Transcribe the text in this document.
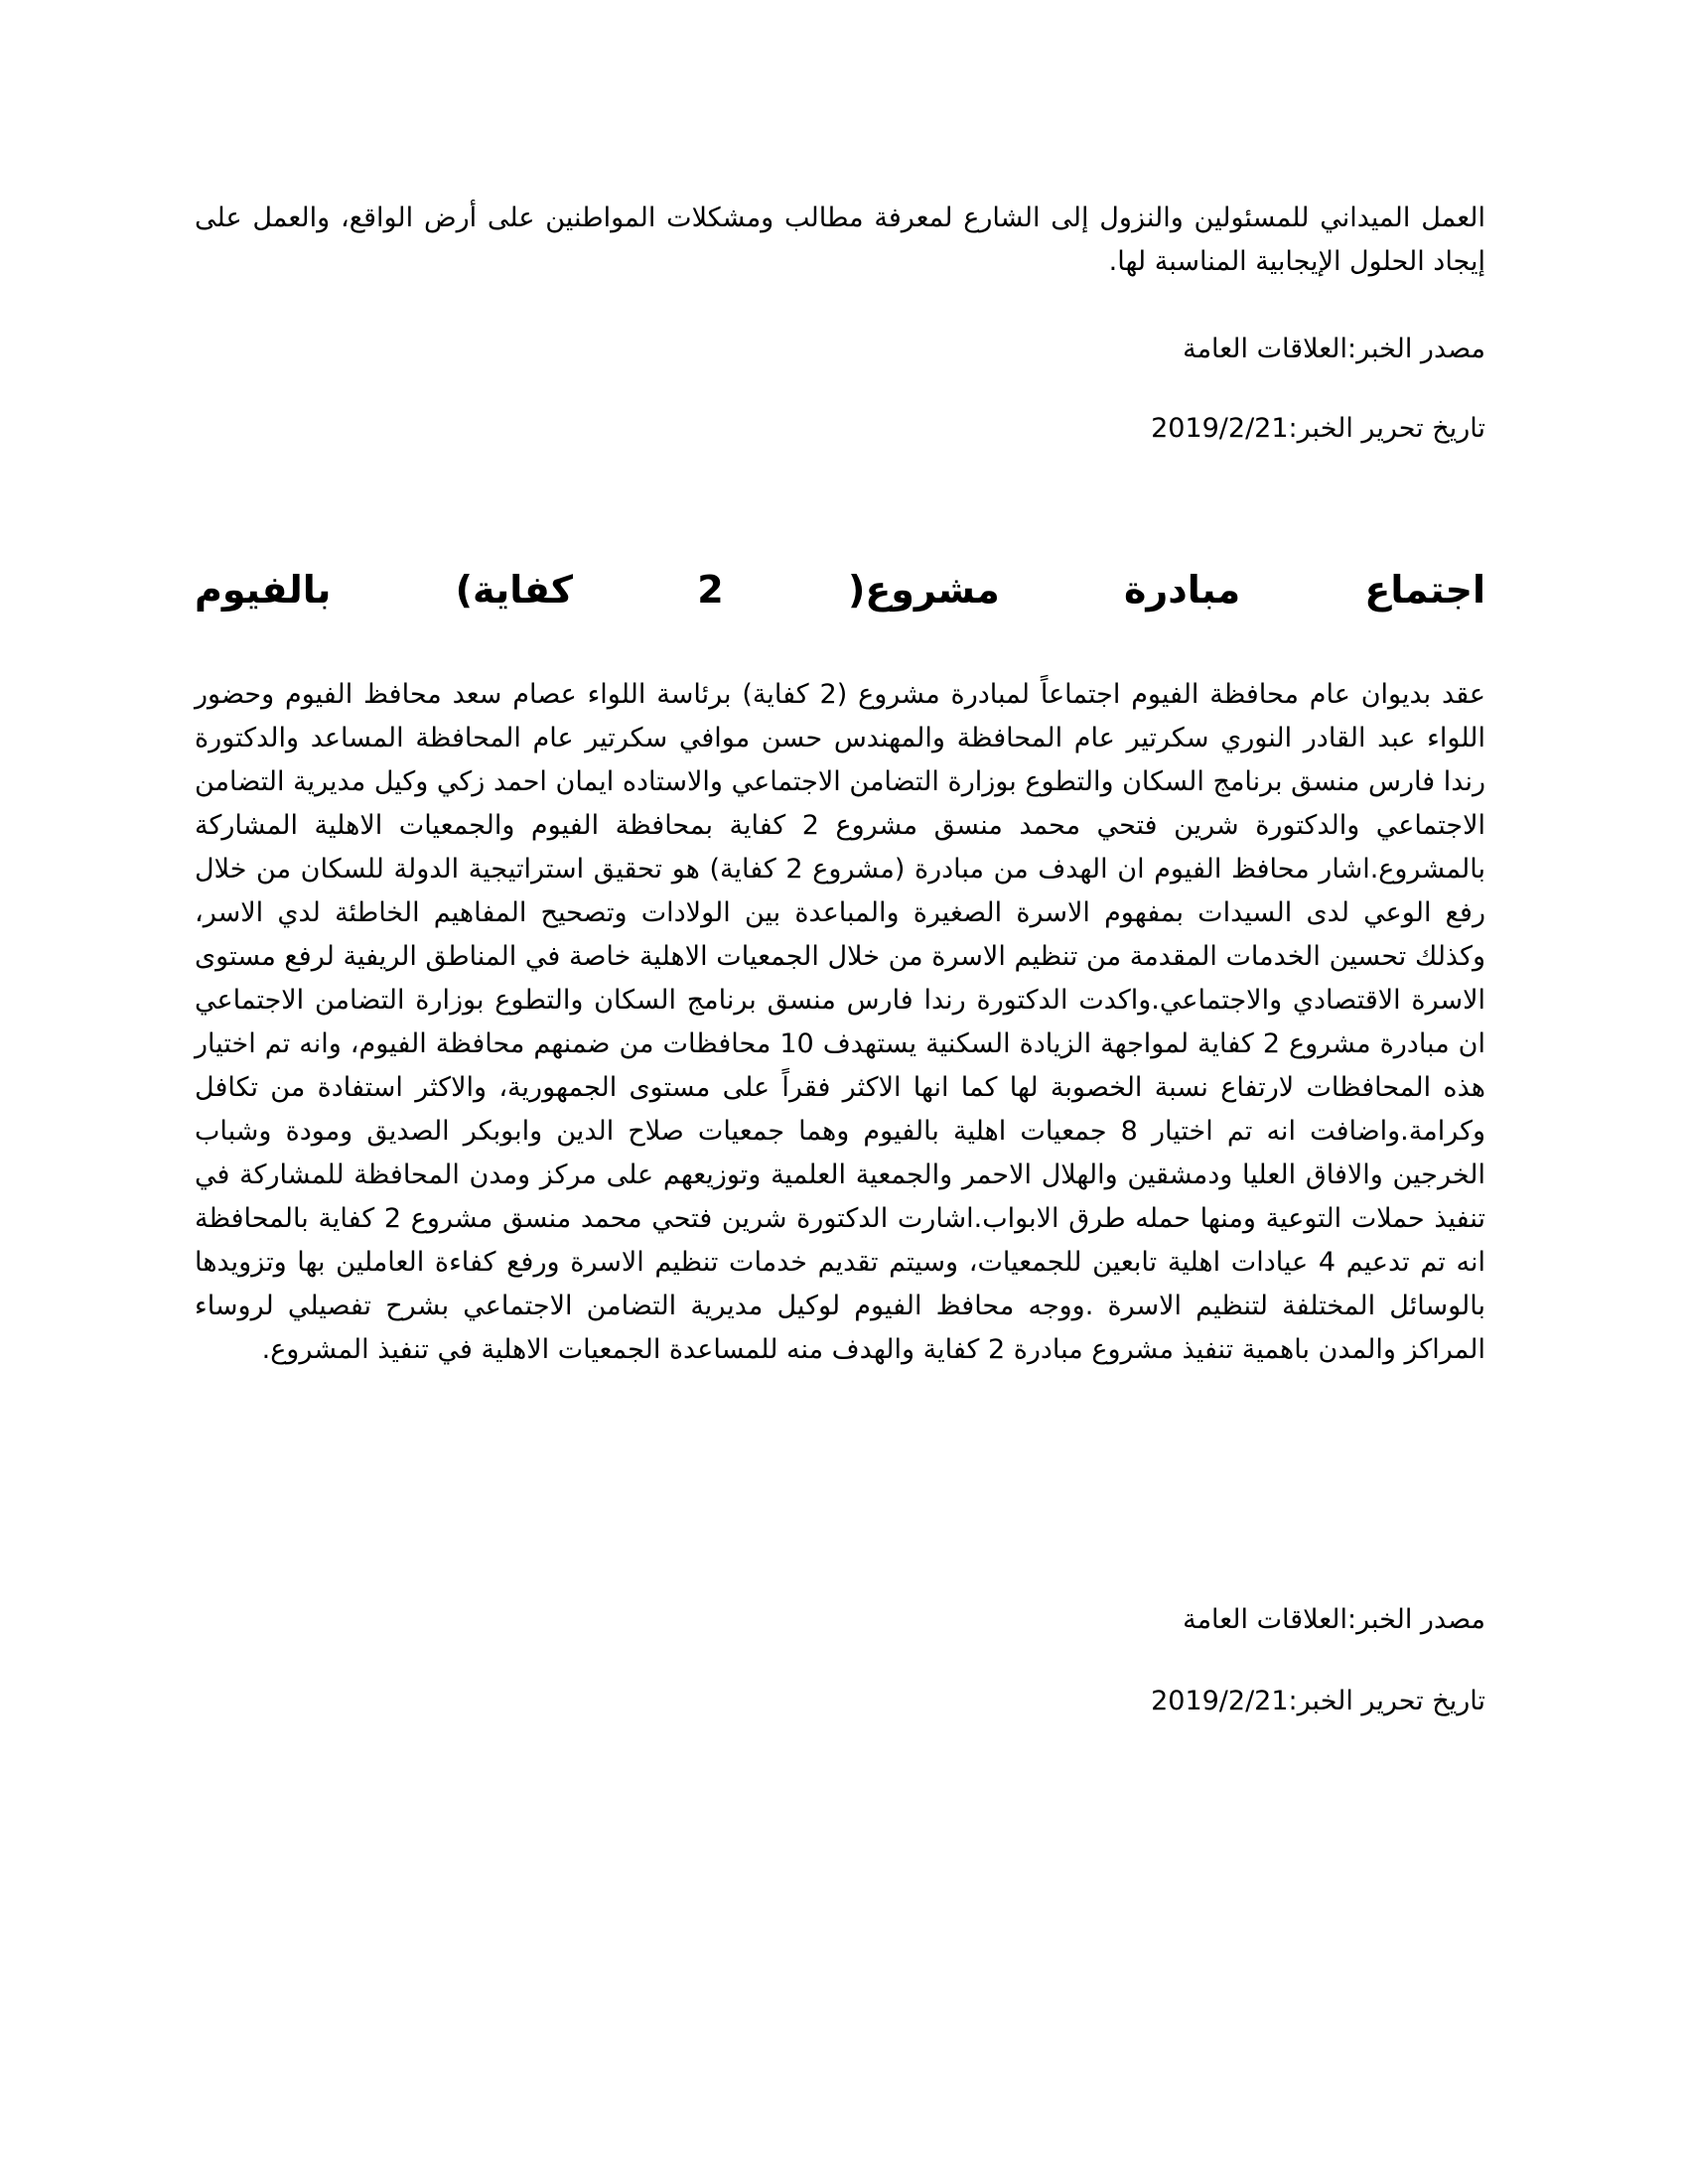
العمل الميداني للمسئولين والنزول إلى الشارع لمعرفة مطالب ومشكلات المواطنين على أرض الواقع، والعمل على إيجاد الحلول الإيجابية المناسبة لها.

مصدر الخبر:العلاقات العامة

تاريخ تحرير الخبر:2019/2/21

اجتماع مبادرة مشروع( 2 كفاية) بالفيوم

عقد بديوان عام محافظة الفيوم اجتماعاً لمبادرة مشروع (2 كفاية) برئاسة اللواء عصام سعد محافظ الفيوم وحضور اللواء عبد القادر النوري سكرتير عام المحافظة والمهندس حسن موافي سكرتير عام المحافظة المساعد والدكتورة رندا فارس منسق برنامج السكان والتطوع بوزارة التضامن الاجتماعي والاستاده ايمان احمد زكي وكيل مديرية التضامن الاجتماعي والدكتورة شرين فتحي محمد منسق مشروع 2 كفاية بمحافظة الفيوم والجمعيات الاهلية المشاركة بالمشروع.اشار محافظ الفيوم ان الهدف من مبادرة (مشروع 2 كفاية) هو تحقيق استراتيجية الدولة للسكان من خلال رفع الوعي لدى السيدات بمفهوم الاسرة الصغيرة والمباعدة بين الولادات وتصحيح المفاهيم الخاطئة لدي الاسر، وكذلك تحسين الخدمات المقدمة من تنظيم الاسرة من خلال الجمعيات الاهلية خاصة في المناطق الريفية لرفع مستوى الاسرة الاقتصادي والاجتماعي.واكدت الدكتورة رندا فارس منسق برنامج السكان والتطوع بوزارة التضامن الاجتماعي ان مبادرة مشروع 2 كفاية لمواجهة الزيادة السكنية يستهدف 10 محافظات من ضمنهم محافظة الفيوم، وانه تم اختيار هذه المحافظات لارتفاع نسبة الخصوبة لها كما انها الاكثر فقراً على مستوى الجمهورية، والاكثر استفادة من تكافل وكرامة.واضافت انه تم اختيار 8 جمعيات اهلية بالفيوم وهما جمعيات صلاح الدين وابوبكر الصديق ومودة وشباب الخرجين والافاق العليا ودمشقين والهلال الاحمر والجمعية العلمية وتوزيعهم على مركز ومدن المحافظة للمشاركة في تنفيذ حملات التوعية ومنها حمله طرق الابواب.اشارت الدكتورة شرين فتحي محمد منسق مشروع 2 كفاية بالمحافظة انه تم تدعيم 4 عيادات اهلية تابعين للجمعيات، وسيتم تقديم خدمات تنظيم الاسرة ورفع كفاءة العاملين بها وتزويدها بالوسائل المختلفة لتنظيم الاسرة .ووجه محافظ الفيوم لوكيل مديرية التضامن الاجتماعي بشرح تفصيلي لروساء المراكز والمدن باهمية تنفيذ مشروع مبادرة 2 كفاية والهدف منه للمساعدة الجمعيات الاهلية في تنفيذ المشروع.

مصدر الخبر:العلاقات العامة

تاريخ تحرير الخبر:2019/2/21
